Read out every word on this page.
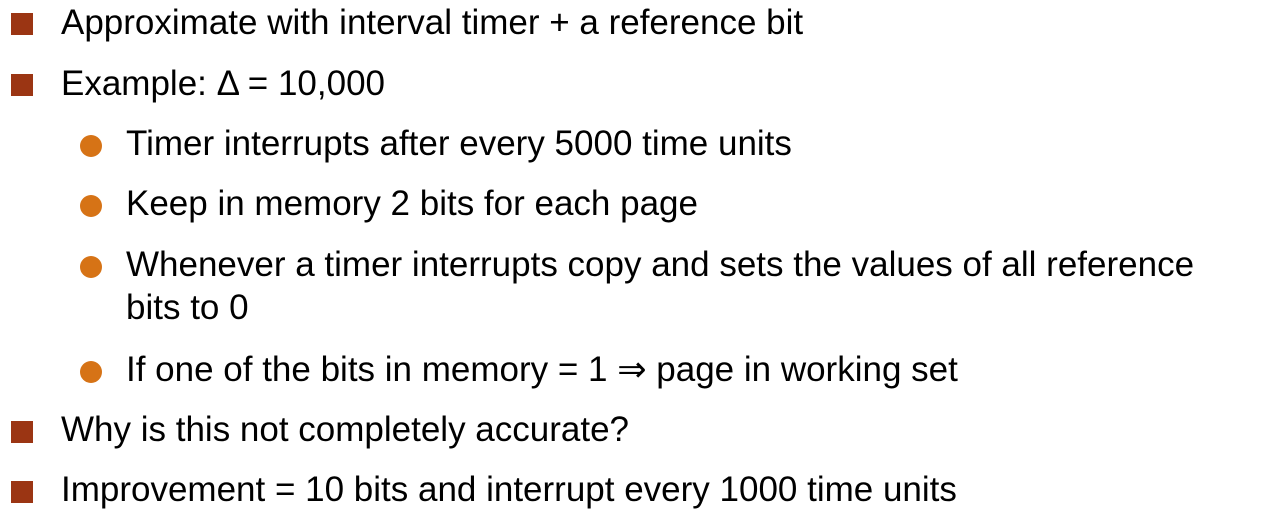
Approximate with interval timer + a reference bit
Example: Δ = 10,000
Timer interrupts after every 5000 time units
Keep in memory 2 bits for each page
Whenever a timer interrupts copy and sets the values of all reference
bits to 0
If one of the bits in memory = 1 ⇒ page in working set
Why is this not completely accurate?
Improvement = 10 bits and interrupt every 1000 time units
